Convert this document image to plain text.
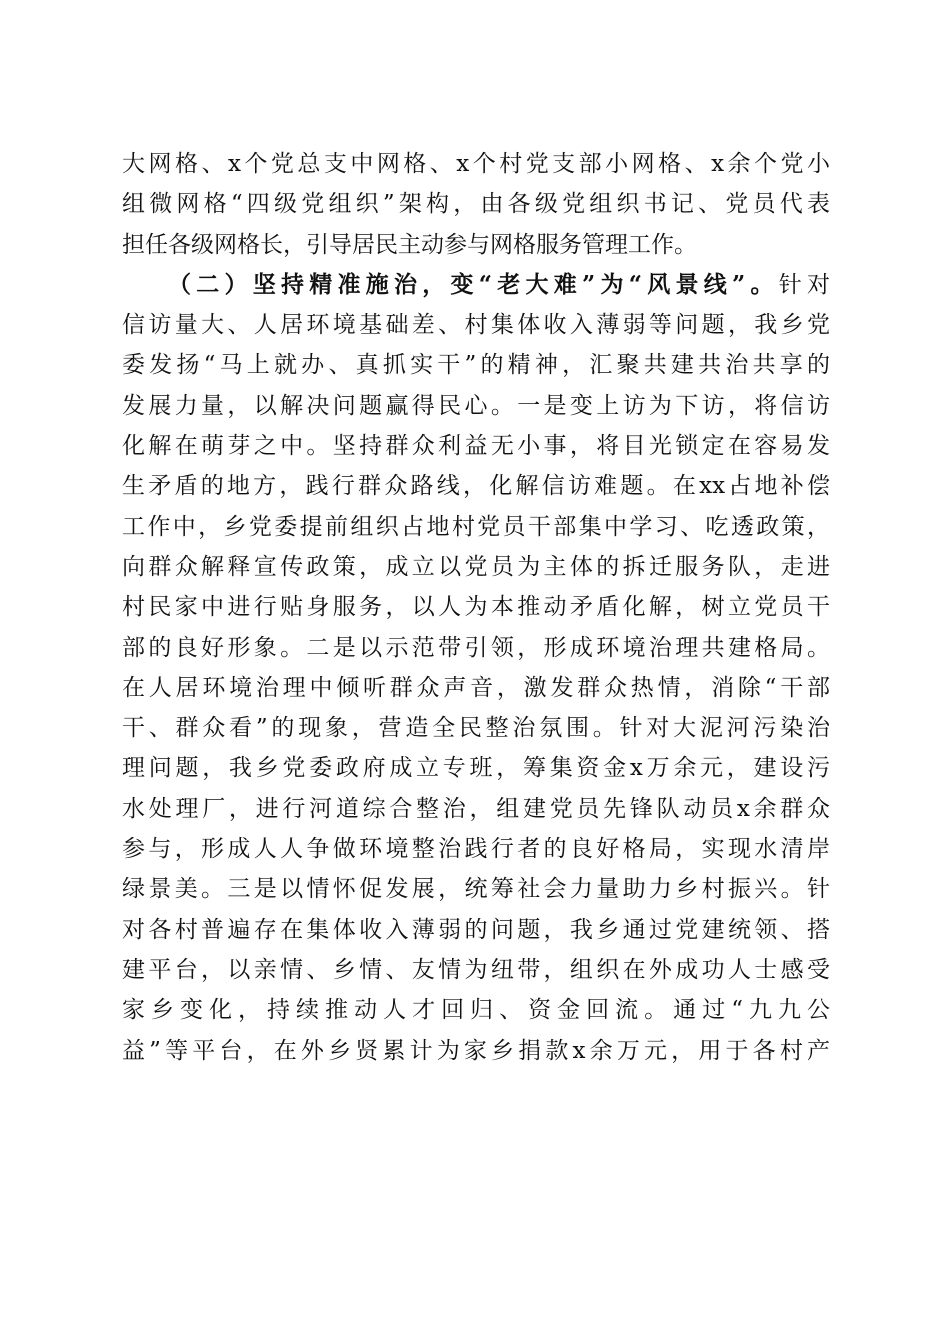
大网格、x个党总支中网格、x个村党支部小网格、x余个党小
组微网格“四级党组织”架构，由各级党组织书记、党员代表
担任各级网格长，引导居民主动参与网格服务管理工作。
（二）坚持精准施治，变“老大难”为“风景线”。针对
信访量大、人居环境基础差、村集体收入薄弱等问题，我乡党
委发扬“马上就办、真抓实干”的精神，汇聚共建共治共享的
发展力量，以解决问题赢得民心。一是变上访为下访，将信访
化解在萌芽之中。坚持群众利益无小事，将目光锁定在容易发
生矛盾的地方，践行群众路线，化解信访难题。在xx占地补偿
工作中，乡党委提前组织占地村党员干部集中学习、吃透政策，
向群众解释宣传政策，成立以党员为主体的拆迁服务队，走进
村民家中进行贴身服务，以人为本推动矛盾化解，树立党员干
部的良好形象。二是以示范带引领，形成环境治理共建格局。
在人居环境治理中倾听群众声音，激发群众热情，消除“干部
干、群众看”的现象，营造全民整治氛围。针对大泥河污染治
理问题，我乡党委政府成立专班，筹集资金x万余元，建设污
水处理厂，进行河道综合整治，组建党员先锋队动员x余群众
参与，形成人人争做环境整治践行者的良好格局，实现水清岸
绿景美。三是以情怀促发展，统筹社会力量助力乡村振兴。针
对各村普遍存在集体收入薄弱的问题，我乡通过党建统领、搭
建平台，以亲情、乡情、友情为纽带，组织在外成功人士感受
家乡变化，持续推动人才回归、资金回流。通过“九九公
益”等平台，在外乡贤累计为家乡捐款x余万元，用于各村产
